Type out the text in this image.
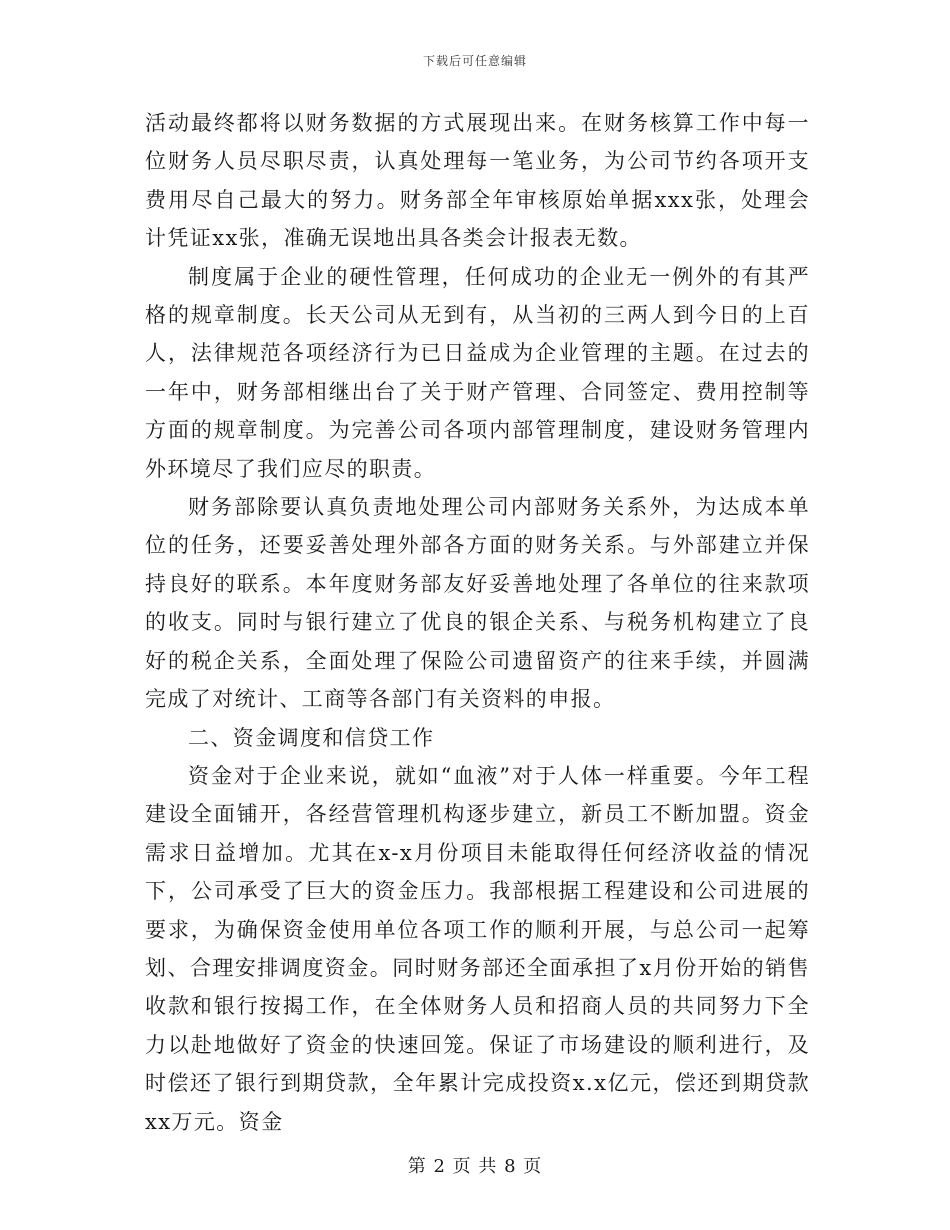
下载后可任意编辑

活动最终都将以财务数据的方式展现出来。在财务核算工作中每一位财务人员尽职尽责，认真处理每一笔业务，为公司节约各项开支费用尽自己最大的努力。财务部全年审核原始单据xxx张，处理会计凭证xx张，准确无误地出具各类会计报表无数。

制度属于企业的硬性管理，任何成功的企业无一例外的有其严格的规章制度。长天公司从无到有，从当初的三两人到今日的上百人，法律规范各项经济行为已日益成为企业管理的主题。在过去的一年中，财务部相继出台了关于财产管理、合同签定、费用控制等方面的规章制度。为完善公司各项内部管理制度，建设财务管理内外环境尽了我们应尽的职责。

财务部除要认真负责地处理公司内部财务关系外，为达成本单位的任务，还要妥善处理外部各方面的财务关系。与外部建立并保持良好的联系。本年度财务部友好妥善地处理了各单位的往来款项的收支。同时与银行建立了优良的银企关系、与税务机构建立了良好的税企关系，全面处理了保险公司遗留资产的往来手续，并圆满完成了对统计、工商等各部门有关资料的申报。

二、资金调度和信贷工作

资金对于企业来说，就如“血液”对于人体一样重要。今年工程建设全面铺开，各经营管理机构逐步建立，新员工不断加盟。资金需求日益增加。尤其在x-x月份项目未能取得任何经济收益的情况下，公司承受了巨大的资金压力。我部根据工程建设和公司进展的要求，为确保资金使用单位各项工作的顺利开展，与总公司一起筹划、合理安排调度资金。同时财务部还全面承担了x月份开始的销售收款和银行按揭工作，在全体财务人员和招商人员的共同努力下全力以赴地做好了资金的快速回笼。保证了市场建设的顺利进行，及时偿还了银行到期贷款，全年累计完成投资x.x亿元，偿还到期贷款xx万元。资金

第 2 页 共 8 页
